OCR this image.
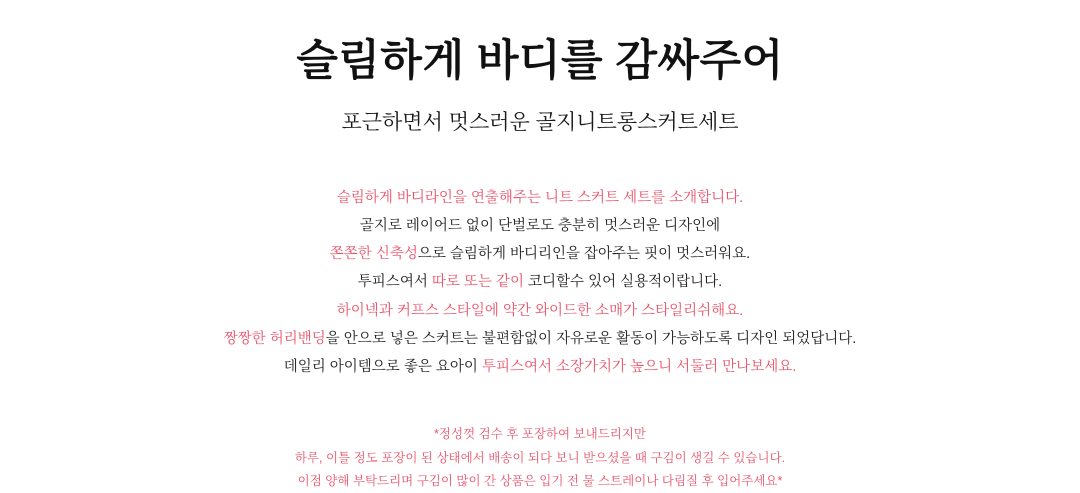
슬림하게 바디를 감싸주어
포근하면서 멋스러운 골지니트롱스커트세트
슬림하게 바디라인을 연출해주는 니트 스커트 세트를 소개합니다.
골지로 레이어드 없이 단벌로도 충분히 멋스러운 디자인에
쫀쫀한 신축성으로 슬림하게 바디리인을 잡아주는 핏이 멋스러워요.
투피스여서 따로 또는 같이 코디할수 있어 실용적이랍니다.
하이넥과 커프스 스타일에 약간 와이드한 소매가 스타일리쉬해요.
짱짱한 허리밴딩을 안으로 넣은 스커트는 불편함없이 자유로운 활동이 가능하도록 디자인 되었답니다.
데일리 아이템으로 좋은 요아이 투피스여서 소장가치가 높으니 서둘러 만나보세요.
*정성껏 검수 후 포장하여 보내드리지만
하루, 이틀 정도 포장이 된 상태에서 배송이 되다 보니 받으셨을 때 구김이 생길 수 있습니다.
이점 양해 부탁드리며 구김이 많이 간 상품은 입기 전 물 스트레이나 다림질 후 입어주세요*
